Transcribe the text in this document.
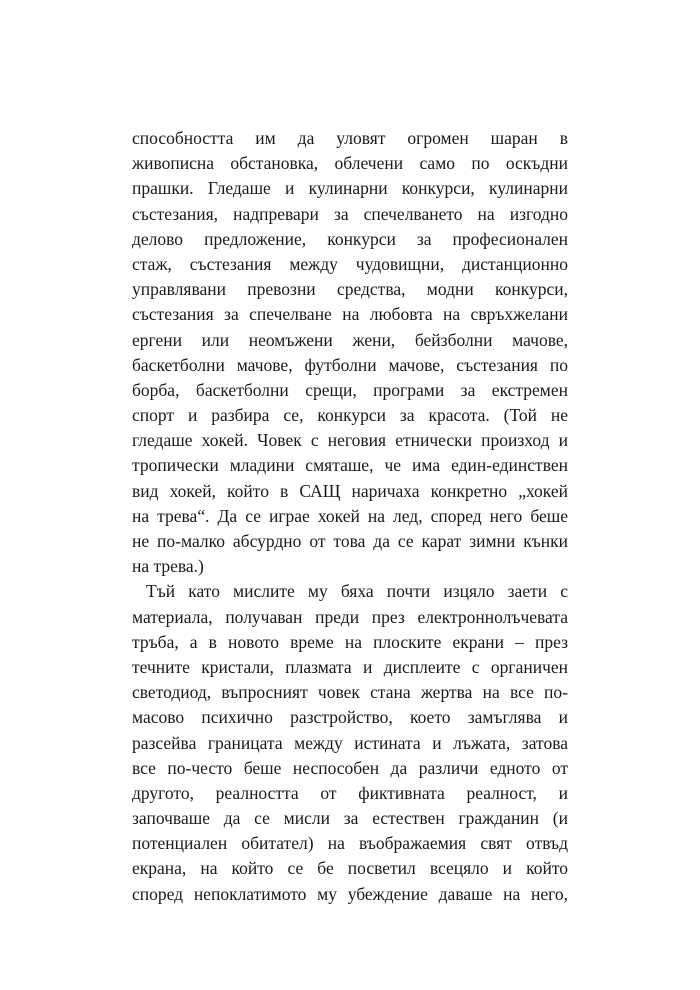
способността им да уловят огромен шаран в
живописна обстановка, облечени само по оскъдни
прашки. Гледаше и кулинарни конкурси, кулинарни
състезания, надпревари за спечелването на изгодно
делово предложение, конкурси за професионален
стаж, състезания между чудовищни, дистанционно
управлявани превозни средства, модни конкурси,
състезания за спечелване на любовта на свръхжелани
ергени или неомъжени жени, бейзболни мачове,
баскетболни мачове, футболни мачове, състезания по
борба, баскетболни срещи, програми за екстремен
спорт и разбира се, конкурси за красота. (Той не
гледаше хокей. Човек с неговия етнически произход и
тропически младини смяташе, че има един-единствен
вид хокей, който в САЩ наричаха конкретно „хокей
на трева“. Да се играе хокей на лед, според него беше
не по-малко абсурдно от това да се карат зимни кънки
на трева.)
Тъй като мислите му бяха почти изцяло заети с
материала, получаван преди през електроннолъчевата
тръба, а в новото време на плоските екрани – през
течните кристали, плазмата и дисплеите с органичен
светодиод, въпросният човек стана жертва на все по-
масово психично разстройство, което замъглява и
разсейва границата между истината и лъжата, затова
все по-често беше неспособен да различи едното от
другото, реалността от фиктивната реалност, и
започваше да се мисли за естествен гражданин (и
потенциален обитател) на въображаемия свят отвъд
екрана, на който се бе посветил всецяло и който
според непоклатимото му убеждение даваше на него,
